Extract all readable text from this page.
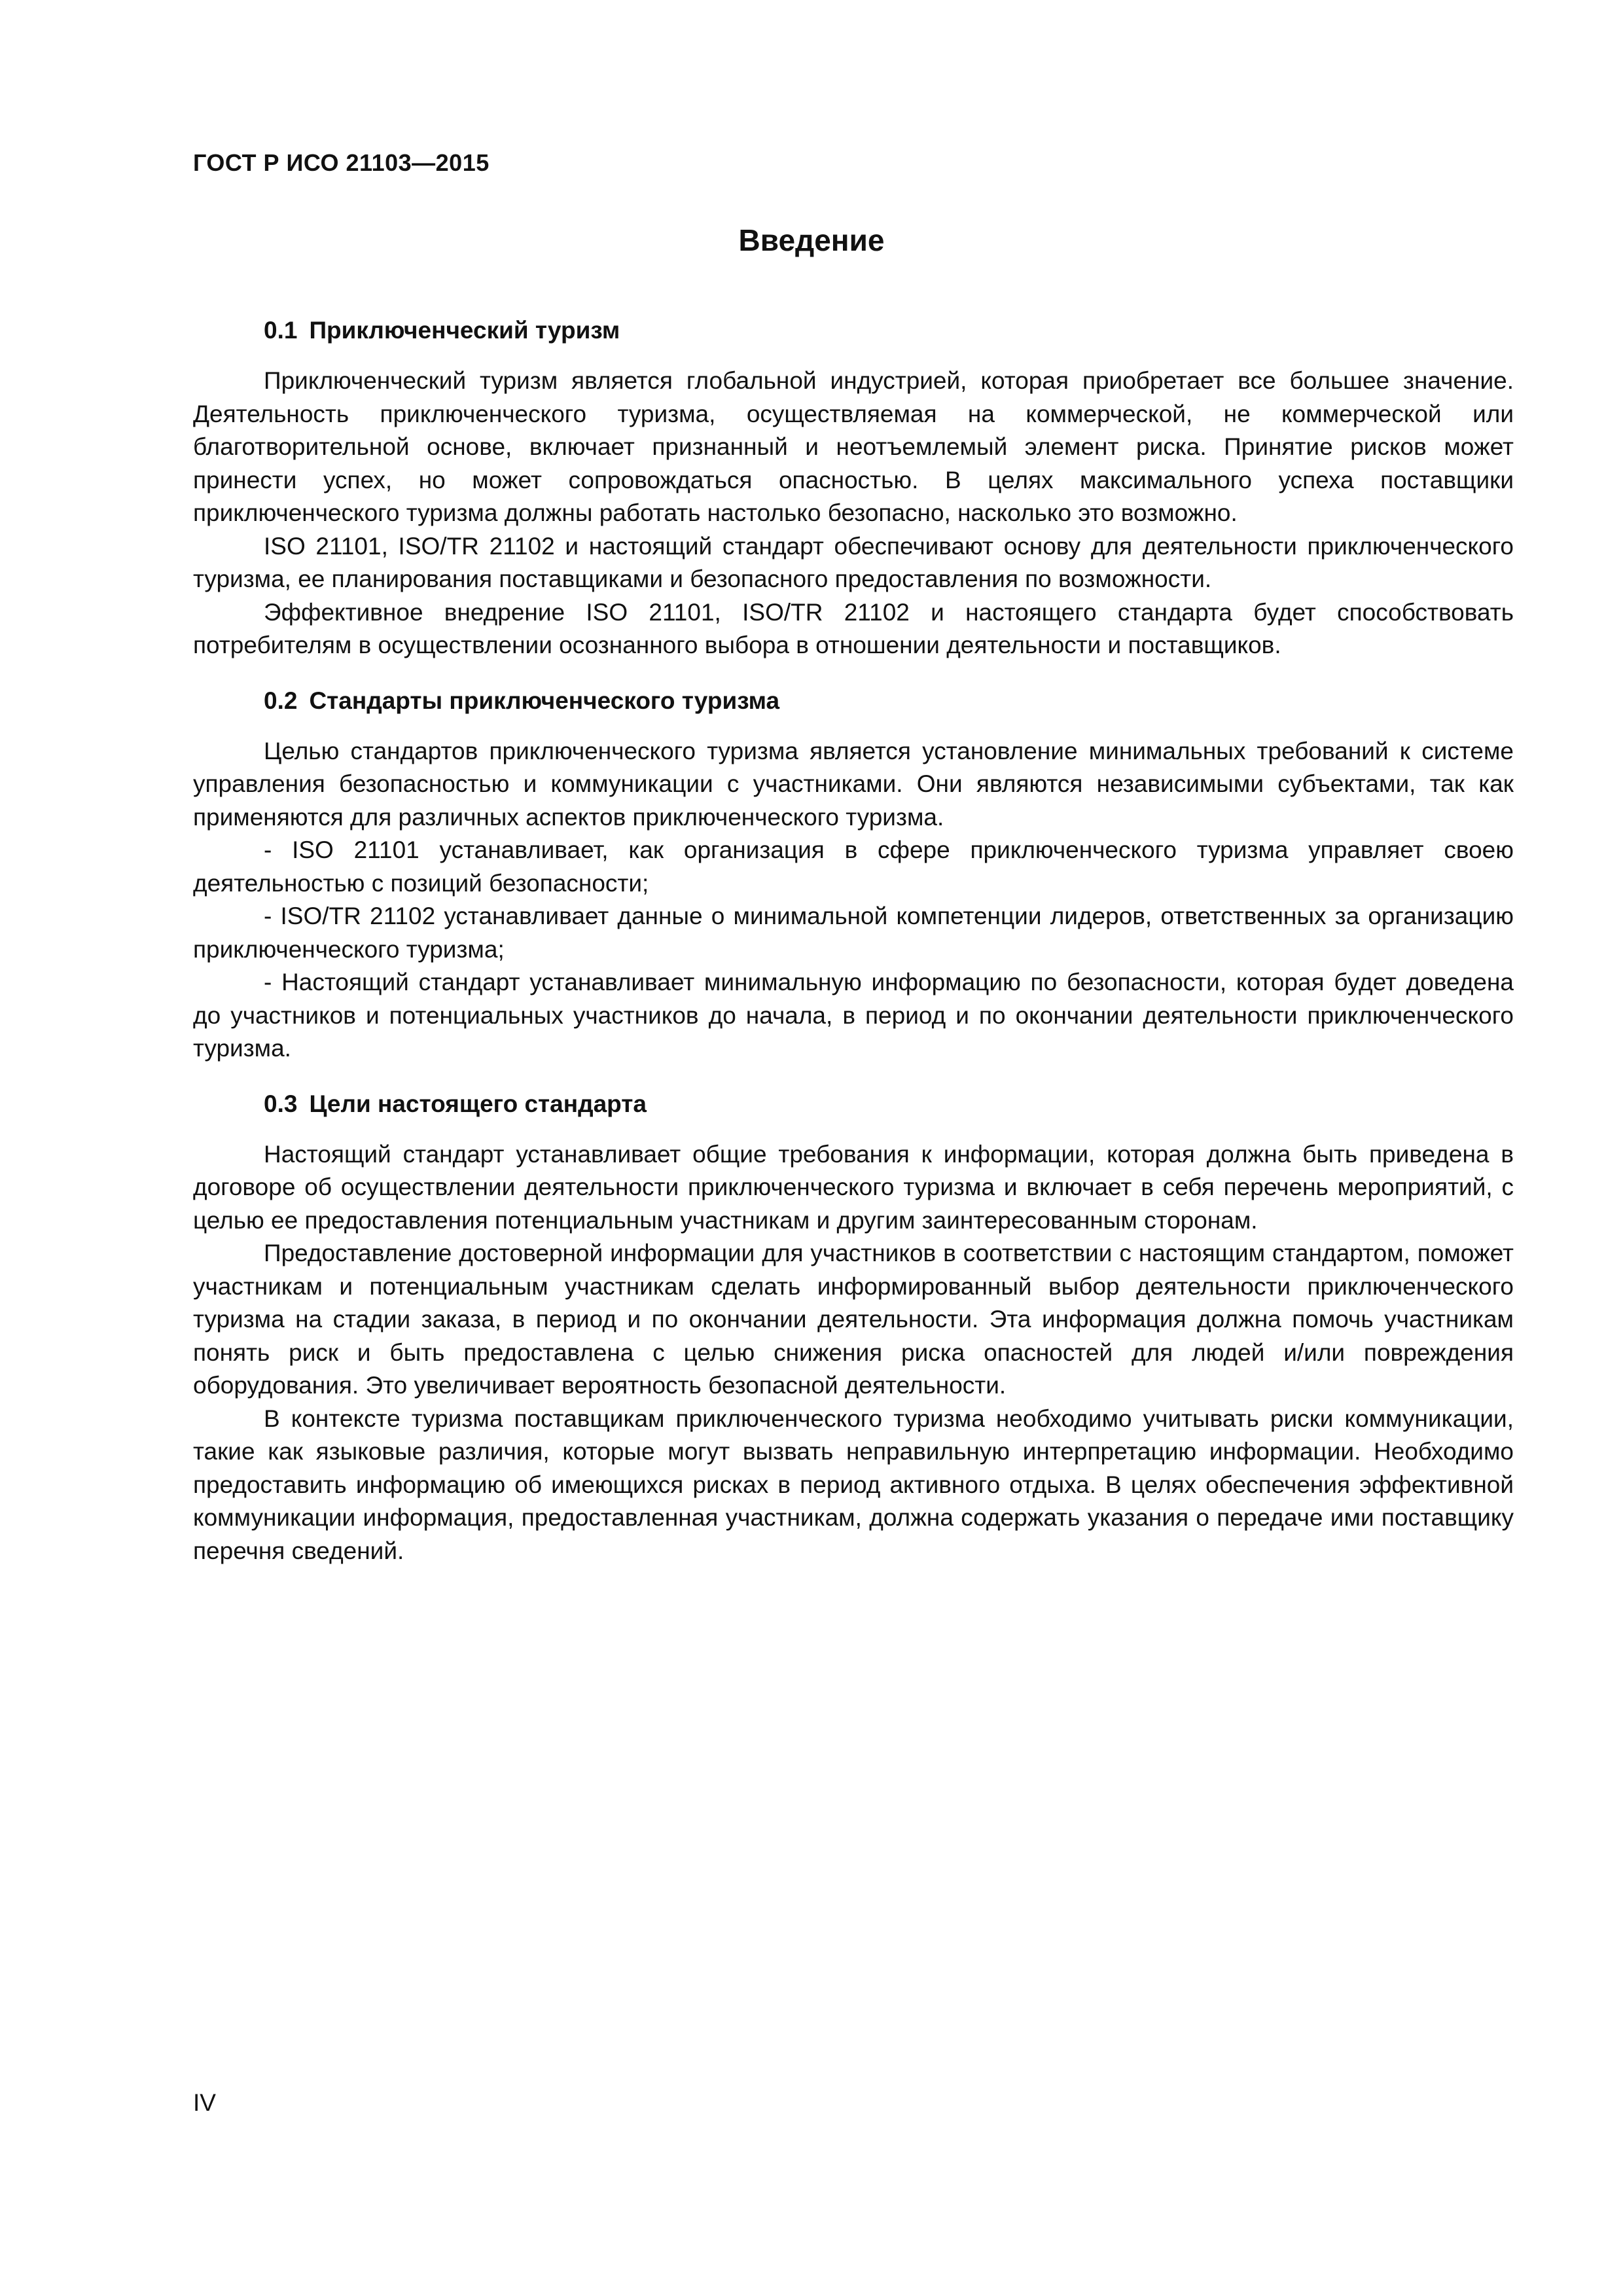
ГОСТ Р ИСО 21103—2015
Введение
0.1 Приключенческий туризм

Приключенческий туризм является глобальной индустрией, которая приобретает все большее значение. Деятельность приключенческого туризма, осуществляемая на коммерческой, не коммерческой или благотворительной основе, включает признанный и неотъемлемый элемент риска. Принятие рисков может принести успех, но может сопровождаться опасностью. В целях максимального успеха поставщики приключенческого туризма должны работать настолько безопасно, насколько это возможно.

ISO 21101, ISO/TR 21102 и настоящий стандарт обеспечивают основу для деятельности приключенческого туризма, ее планирования поставщиками и безопасного предоставления по возможности.

Эффективное внедрение ISO 21101, ISO/TR 21102 и настоящего стандарта будет способствовать потребителям в осуществлении осознанного выбора в отношении деятельности и поставщиков.

0.2 Стандарты приключенческого туризма

Целью стандартов приключенческого туризма является установление минимальных требований к системе управления безопасностью и коммуникации с участниками. Они являются независимыми субъектами, так как применяются для различных аспектов приключенческого туризма.

- ISO 21101 устанавливает, как организация в сфере приключенческого туризма управляет своею деятельностью с позиций безопасности;

- ISO/TR 21102 устанавливает данные о минимальной компетенции лидеров, ответственных за организацию приключенческого туризма;

- Настоящий стандарт устанавливает минимальную информацию по безопасности, которая будет доведена до участников и потенциальных участников до начала, в период и по окончании деятельности приключенческого туризма.

0.3 Цели настоящего стандарта

Настоящий стандарт устанавливает общие требования к информации, которая должна быть приведена в договоре об осуществлении деятельности приключенческого туризма и включает в себя перечень мероприятий, с целью ее предоставления потенциальным участникам и другим заинтересованным сторонам.

Предоставление достоверной информации для участников в соответствии с настоящим стандартом, поможет участникам и потенциальным участникам сделать информированный выбор деятельности приключенческого туризма на стадии заказа, в период и по окончании деятельности. Эта информация должна помочь участникам понять риск и быть предоставлена с целью снижения риска опасностей для людей и/или повреждения оборудования. Это увеличивает вероятность безопасной деятельности.

В контексте туризма поставщикам приключенческого туризма необходимо учитывать риски коммуникации, такие как языковые различия, которые могут вызвать неправильную интерпретацию информации. Необходимо предоставить информацию об имеющихся рисках в период активного отдыха. В целях обеспечения эффективной коммуникации информация, предоставленная участникам, должна содержать указания о передаче ими поставщику перечня сведений.

IV
